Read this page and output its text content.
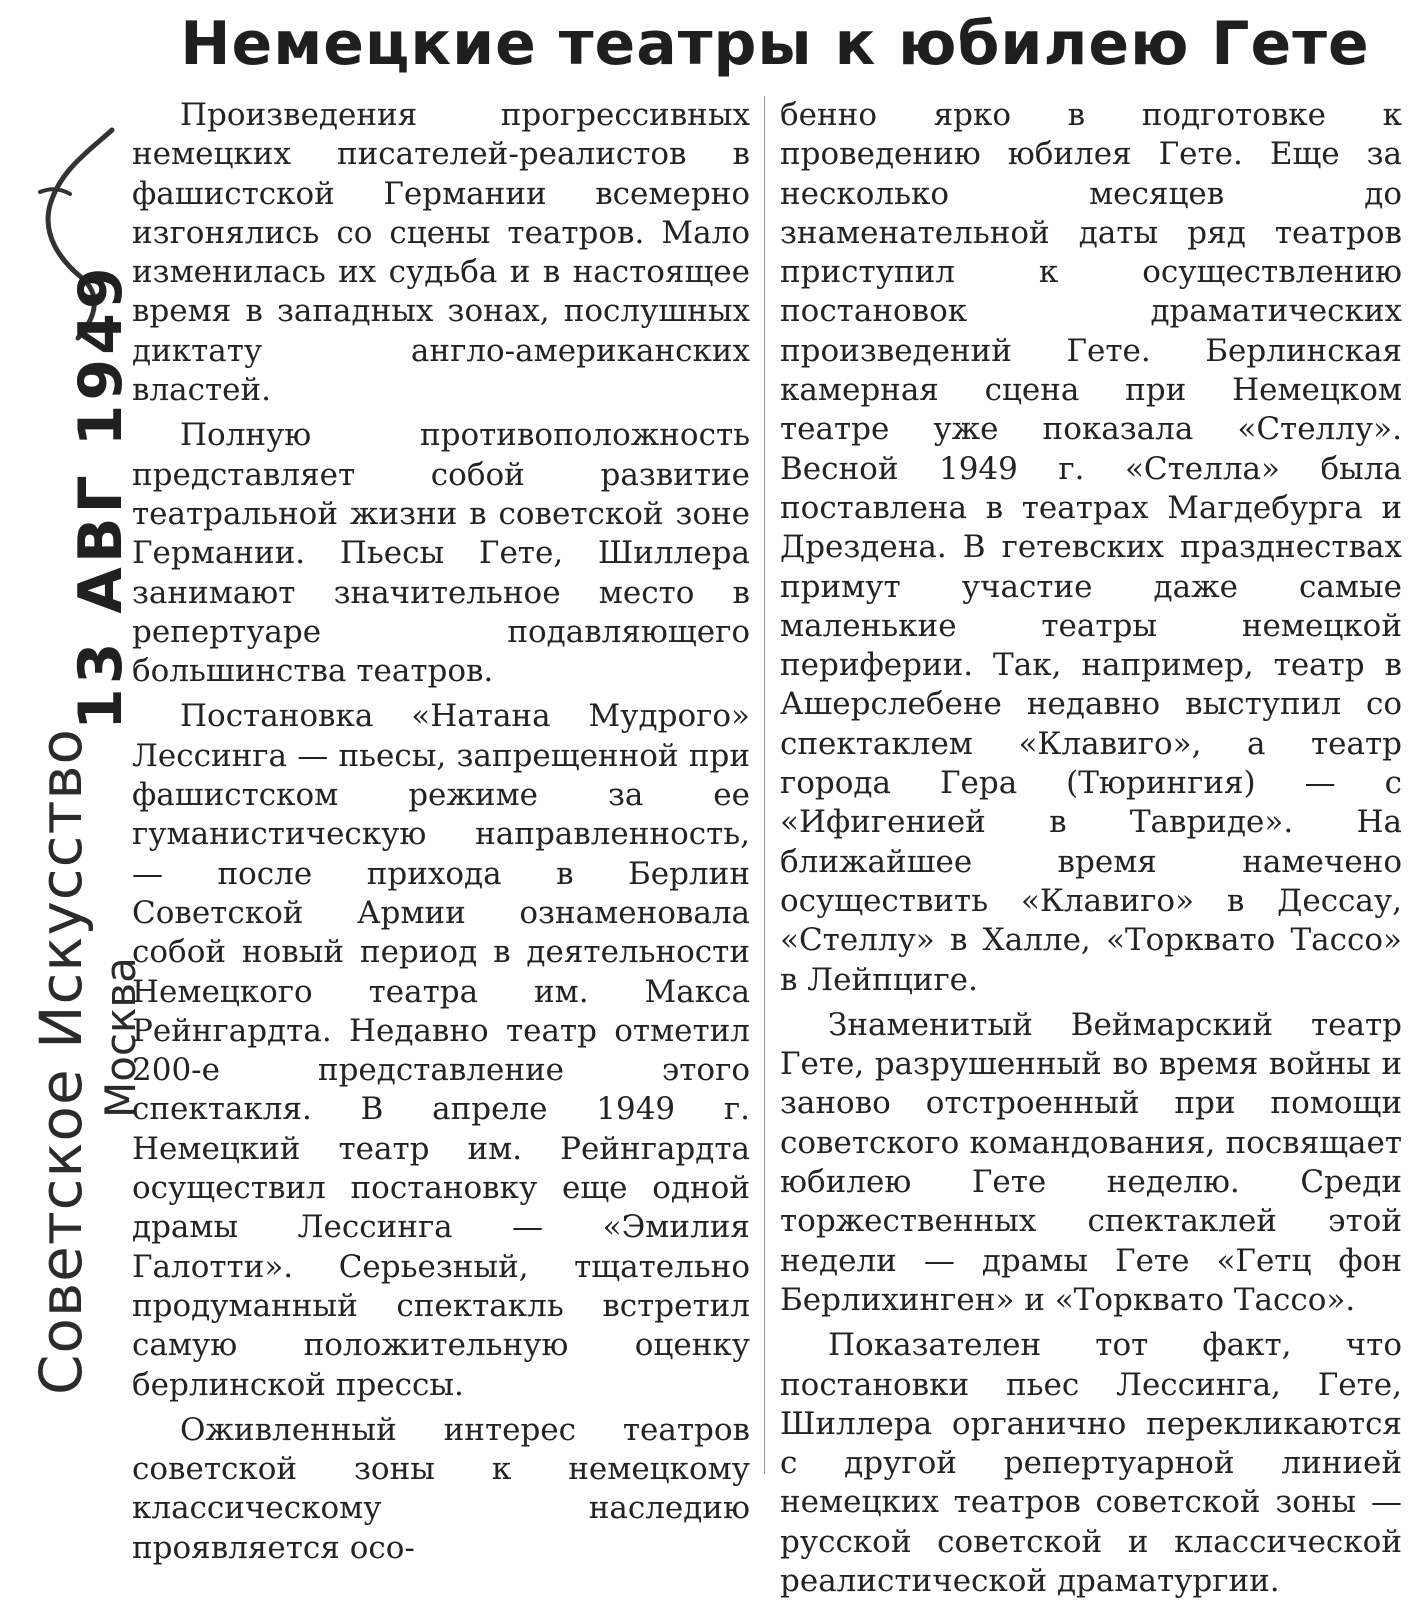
Советское Искусство
13 АВГ 1949
Москва
Немецкие театры к юбилею Гете

Произведения прогрессивных немецких писателей-реалистов в фашистской Германии всемерно изгонялись со сцены театров. Мало изменилась их судьба и в настоящее время в западных зонах, послушных диктату англо-американских властей.

Полную противоположность представляет собой развитие театральной жизни в советской зоне Германии. Пьесы Гете, Шиллера занимают значительное место в репертуаре подавляющего большинства театров.

Постановка «Натана Мудрого» Лессинга — пьесы, запрещенной при фашистском режиме за ее гуманистическую направленность, — после прихода в Берлин Советской Армии ознаменовала собой новый период в деятельности Немецкого театра им. Макса Рейнгардта. Недавно театр отметил 200-е представление этого спектакля. В апреле 1949 г. Немецкий театр им. Рейнгардта осуществил постановку еще одной драмы Лессинга — «Эмилия Галотти». Серьезный, тщательно продуманный спектакль встретил самую положительную оценку берлинской прессы.

Оживленный интерес театров советской зоны к немецкому классическому наследию проявляется осо-

бенно ярко в подготовке к проведению юбилея Гете. Еще за несколько месяцев до знаменательной даты ряд театров приступил к осуществлению постановок драматических произведений Гете. Берлинская камерная сцена при Немецком театре уже показала «Стеллу». Весной 1949 г. «Стелла» была поставлена в театрах Магдебурга и Дрездена. В гетевских празднествах примут участие даже самые маленькие театры немецкой периферии. Так, например, театр в Ашерслебене недавно выступил со спектаклем «Клавиго», а театр города Гера (Тюрингия) — с «Ифигенией в Тавриде». На ближайшее время намечено осуществить «Клавиго» в Дессау, «Стеллу» в Халле, «Торквато Тассо» в Лейпциге.

Знаменитый Веймарский театр Гете, разрушенный во время войны и заново отстроенный при помощи советского командования, посвящает юбилею Гете неделю. Среди торжественных спектаклей этой недели — драмы Гете «Гетц фон Берлихинген» и «Торквато Тассо».

Показателен тот факт, что постановки пьес Лессинга, Гете, Шиллера органично перекликаются с другой репертуарной линией немецких театров советской зоны — русской советской и классической реалистической драматургии.
